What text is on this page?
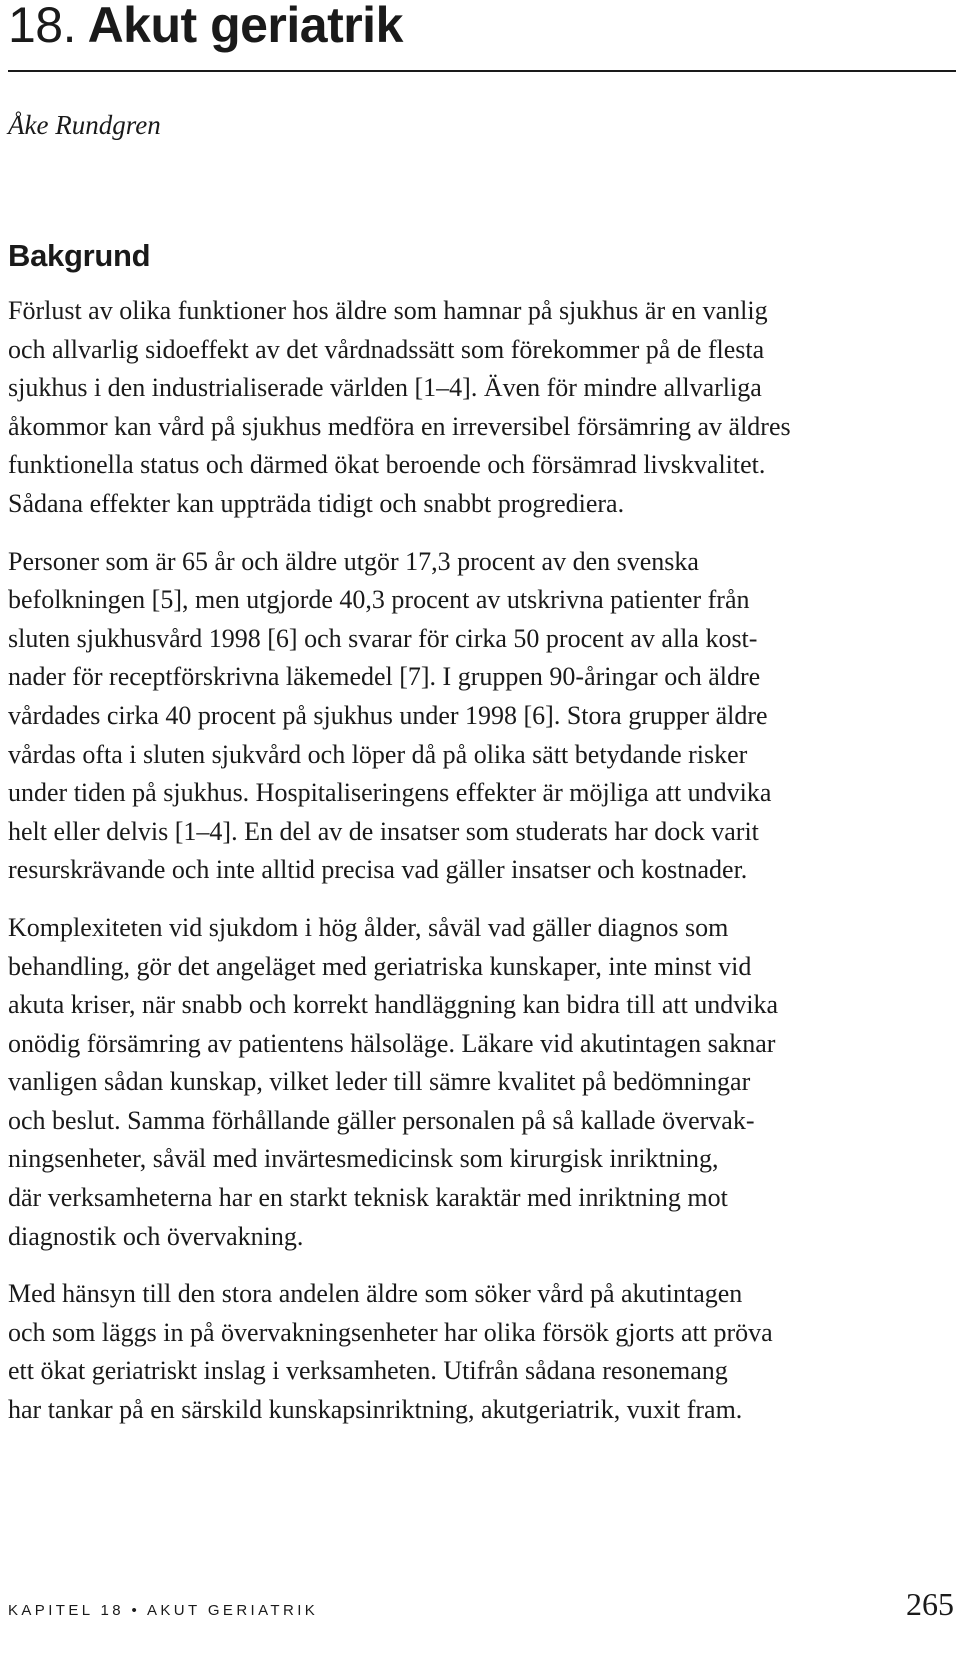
18. Akut geriatrik

Åke Rundgren

Bakgrund

Förlust av olika funktioner hos äldre som hamnar på sjukhus är en vanlig
och allvarlig sidoeffekt av det vårdnadssätt som förekommer på de flesta
sjukhus i den industrialiserade världen [1–4]. Även för mindre allvarliga
åkommor kan vård på sjukhus medföra en irreversibel försämring av äldres
funktionella status och därmed ökat beroende och försämrad livskvalitet.
Sådana effekter kan uppträda tidigt och snabbt progrediera.

Personer som är 65 år och äldre utgör 17,3 procent av den svenska
befolkningen [5], men utgjorde 40,3 procent av utskrivna patienter från
sluten sjukhusvård 1998 [6] och svarar för cirka 50 procent av alla kost-
nader för receptförskrivna läkemedel [7]. I gruppen 90-åringar och äldre
vårdades cirka 40 procent på sjukhus under 1998 [6]. Stora grupper äldre
vårdas ofta i sluten sjukvård och löper då på olika sätt betydande risker
under tiden på sjukhus. Hospitaliseringens effekter är möjliga att undvika
helt eller delvis [1–4]. En del av de insatser som studerats har dock varit
resurskrävande och inte alltid precisa vad gäller insatser och kostnader.

Komplexiteten vid sjukdom i hög ålder, såväl vad gäller diagnos som
behandling, gör det angeläget med geriatriska kunskaper, inte minst vid
akuta kriser, när snabb och korrekt handläggning kan bidra till att undvika
onödig försämring av patientens hälsoläge. Läkare vid akutintagen saknar
vanligen sådan kunskap, vilket leder till sämre kvalitet på bedömningar
och beslut. Samma förhållande gäller personalen på så kallade övervak-
ningsenheter, såväl med invärtesmedicinsk som kirurgisk inriktning,
där verksamheterna har en starkt teknisk karaktär med inriktning mot
diagnostik och övervakning.

Med hänsyn till den stora andelen äldre som söker vård på akutintagen
och som läggs in på övervakningsenheter har olika försök gjorts att pröva
ett ökat geriatriskt inslag i verksamheten. Utifrån sådana resonemang
har tankar på en särskild kunskapsinriktning, akutgeriatrik, vuxit fram.

KAPITEL 18 • AKUT GERIATRIK	265
